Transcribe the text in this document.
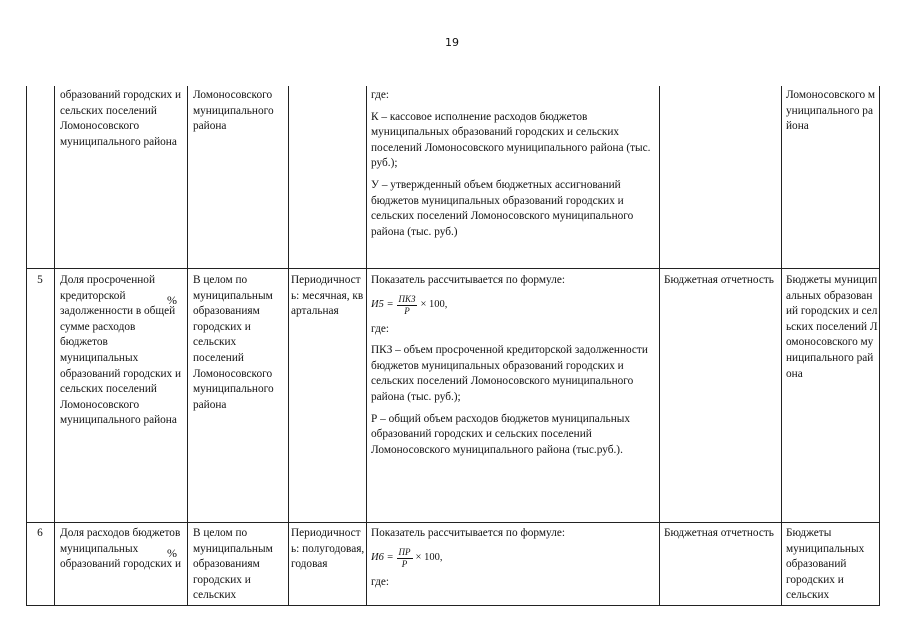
19
образований городских и сельских поселений Ломоносовского муниципального района
Ломоносовского муниципального района

где:

К – кассовое исполнение расходов бюджетов муниципальных образований городских и сельских поселений Ломоносовского муниципального района (тыс. руб.);

У – утвержденный объем бюджетных ассигнований бюджетов муниципальных образований городских и сельских поселений Ломоносовского муниципального района (тыс. руб.)

Ломоносовского муниципального района
5	Доля просроченной кредиторской задолженности в общей сумме расходов бюджетов муниципальных образований городских и сельских поселений Ломоносовского муниципального района
%
В целом по муниципальным образованиям городских и сельских поселений Ломоносовского муниципального района
Периодичность: месячная, квартальная

Показатель рассчитывается по формуле:

$И5 = \frac{\text{ПКЗ}}{Р} \times 100$,

где:

ПКЗ – объем просроченной кредиторской задолженности бюджетов муниципальных образований городских и сельских поселений Ломоносовского муниципального района (тыс. руб.);

Р – общий объем расходов бюджетов муниципальных образований городских и сельских поселений Ломоносовского муниципального района (тыс.руб.).

Бюджетная отчетность Бюджеты муниципальных образований городских и сельских поселений Ломоносовского муниципального района
6	Доля расходов бюджетов муниципальных образований городских и
%
В целом по муниципальным образованиям городских и сельских
Периодичность: полугодовая, годовая

Показатель рассчитывается по формуле:

$И6 = \frac{ПР}{Р} \times 100$,

где:

Бюджетная отчетность Бюджеты муниципальных образований городских и сельских
